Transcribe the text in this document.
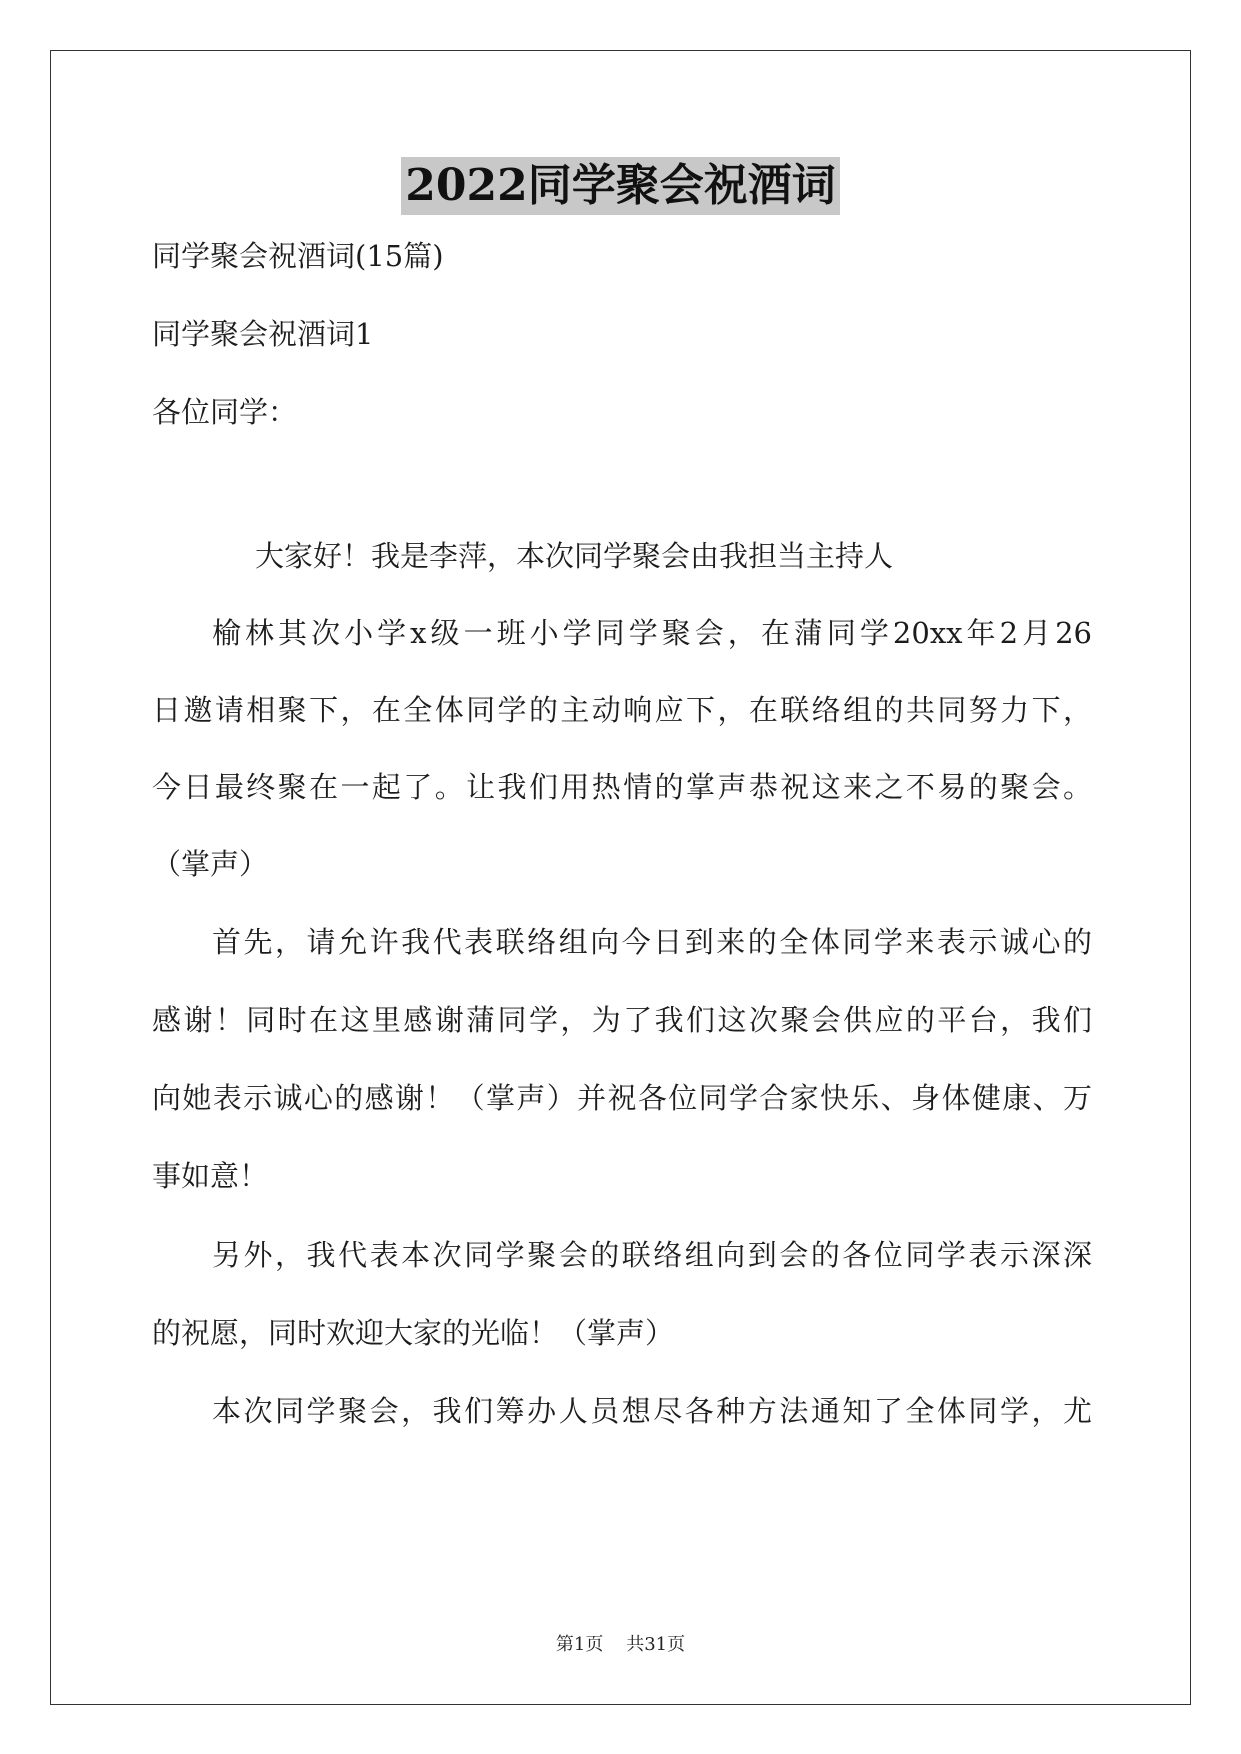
2022同学聚会祝酒词
同学聚会祝酒词(15篇)
同学聚会祝酒词1
各位同学：
大家好！我是李萍，本次同学聚会由我担当主持人
榆林其次小学x级一班小学同学聚会，在蒲同学20xx年2月26
日邀请相聚下，在全体同学的主动响应下，在联络组的共同努力下，
今日最终聚在一起了。让我们用热情的掌声恭祝这来之不易的聚会。
（掌声）
首先，请允许我代表联络组向今日到来的全体同学来表示诚心的
感谢！同时在这里感谢蒲同学，为了我们这次聚会供应的平台，我们
向她表示诚心的感谢！（掌声）并祝各位同学合家快乐、身体健康、万
事如意！
另外，我代表本次同学聚会的联络组向到会的各位同学表示深深
的祝愿，同时欢迎大家的光临！（掌声）
本次同学聚会，我们筹办人员想尽各种方法通知了全体同学，尤
第1页 共31页
